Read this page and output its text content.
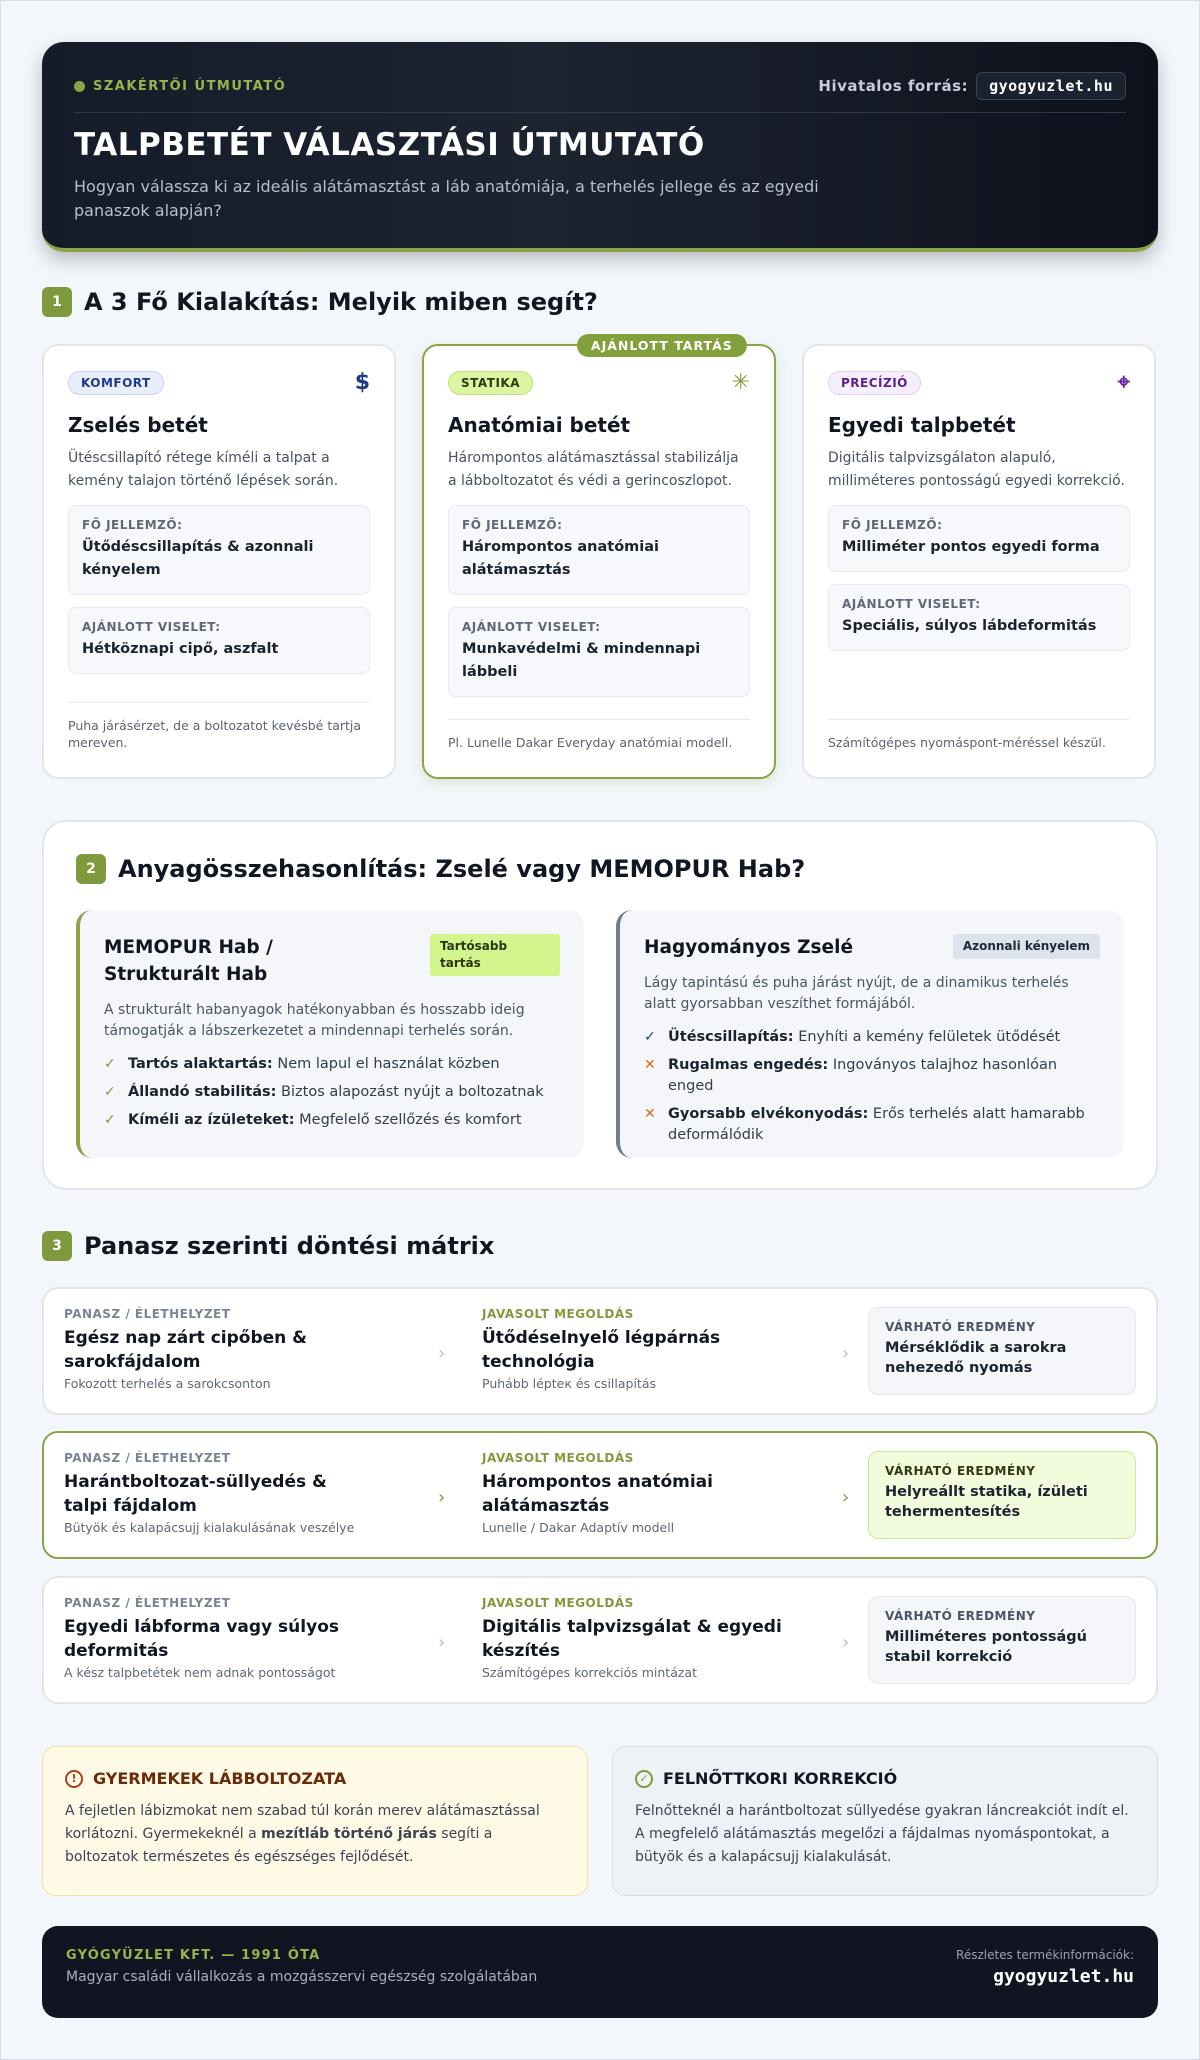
SZAKÉRTŐI ÚTMUTATÓ	Hivatalos forrás:	gyogyuzlet.hu
TALPBETÉT VÁLASZTÁSI ÚTMUTATÓ

Hogyan válassza ki az ideális alátámasztást a láb anatómiája, a terhelés jellege és az egyedi panaszok alapján?

1 A 3 Fő Kialakítás: Melyik miben segít?
KOMFORT	$
Zselés betét

Ütéscsillapító rétege kíméli a talpat a kemény talajon történő lépések során.

FŐ JELLEMZŐ:
Ütődéscsillapítás & azonnali kényelem
AJÁNLOTT VISELET:
Hétköznapi cipő, aszfalt
Puha járásérzet, de a boltozatot kevésbé tartja mereven.
AJÁNLOTT TARTÁS
STATIKA	✳
Anatómiai betét

Hárompontos alátámasztással stabilizálja a lábboltozatot és védi a gerincoszlopot.

FŐ JELLEMZŐ:
Hárompontos anatómiai alátámasztás
AJÁNLOTT VISELET:
Munkavédelmi & mindennapi lábbeli
Pl. Lunelle Dakar Everyday anatómiai modell.
PRECÍZIÓ	⌖
Egyedi talpbetét

Digitális talpvizsgálaton alapuló, milliméteres pontosságú egyedi korrekció.

FŐ JELLEMZŐ:
Milliméter pontos egyedi forma
AJÁNLOTT VISELET:
Speciális, súlyos lábdeformitás
Számítógépes nyomáspont-méréssel készül.
2 Anyagösszehasonlítás: Zselé vagy MEMOPUR Hab?
MEMOPUR Hab / Strukturált Hab
Tartósabb tartás

A strukturált habanyagok hatékonyabban és hosszabb ideig támogatják a lábszerkezetet a mindennapi terhelés során.

✓ Tartós alaktartás: Nem lapul el használat közben
✓ Állandó stabilitás: Biztos alapozást nyújt a boltozatnak
✓ Kíméli az ízületeket: Megfelelő szellőzés és komfort
Hagyományos Zselé	Azonnali kényelem

Lágy tapintású és puha járást nyújt, de a dinamikus terhelés alatt gyorsabban veszíthet formájából.

✓ Ütéscsillapítás: Enyhíti a kemény felületek ütődését
✕ Rugalmas engedés: Ingoványos talajhoz hasonlóan enged
✕ Gyorsabb elvékonyodás: Erős terhelés alatt hamarabb deformálódik
3 Panasz szerinti döntési mátrix
PANASZ / ÉLETHELYZET
Egész nap zárt cipőben & sarokfájdalom
Fokozott terhelés a sarokcsonton
›
JAVASOLT MEGOLDÁS
Ütődéselnyelő légpárnás technológia
Puhább lépteк és csillapítás
›
VÁRHATÓ EREDMÉNY
Mérséklődik a sarokra nehezedő nyomás
PANASZ / ÉLETHELYZET
Harántboltozat-süllyedés & talpi fájdalom
Bütyök és kalapácsujj kialakulásának veszélye
›
JAVASOLT MEGOLDÁS
Hárompontos anatómiai alátámasztás
Lunelle / Dakar Adaptív modell
›
VÁRHATÓ EREDMÉNY
Helyreállt statika, ízületi tehermentesítés
PANASZ / ÉLETHELYZET
Egyedi lábforma vagy súlyos deformitás
A kész talpbetétek nem adnak pontosságot
›
JAVASOLT MEGOLDÁS
Digitális talpvizsgálat & egyedi készítés
Számítógépes korrekciós mintázat
›
VÁRHATÓ EREDMÉNY
Milliméteres pontosságú stabil korrekció
!	GYERMEKEK LÁBBOLTOZATA

A fejletlen lábizmokat nem szabad túl korán merev alátámasztással korlátozni. Gyermekeknél a mezítláb történő járás segíti a boltozatok természetes és egészséges fejlődését.

✓ FELNŐTTKORI KORREKCIÓ

Felnőtteknél a harántboltozat süllyedése gyakran láncreakciót indít el. A megfelelő alátámasztás megelőzi a fájdalmas nyomáspontokat, a bütyök és a kalapácsujj kialakulását.

GYÓGYÜZLET KFT. — 1991 ÓTA
Magyar családi vállalkozás a mozgásszervi egészség szolgálatában
Részletes termékinformációk:
gyogyuzlet.hu
